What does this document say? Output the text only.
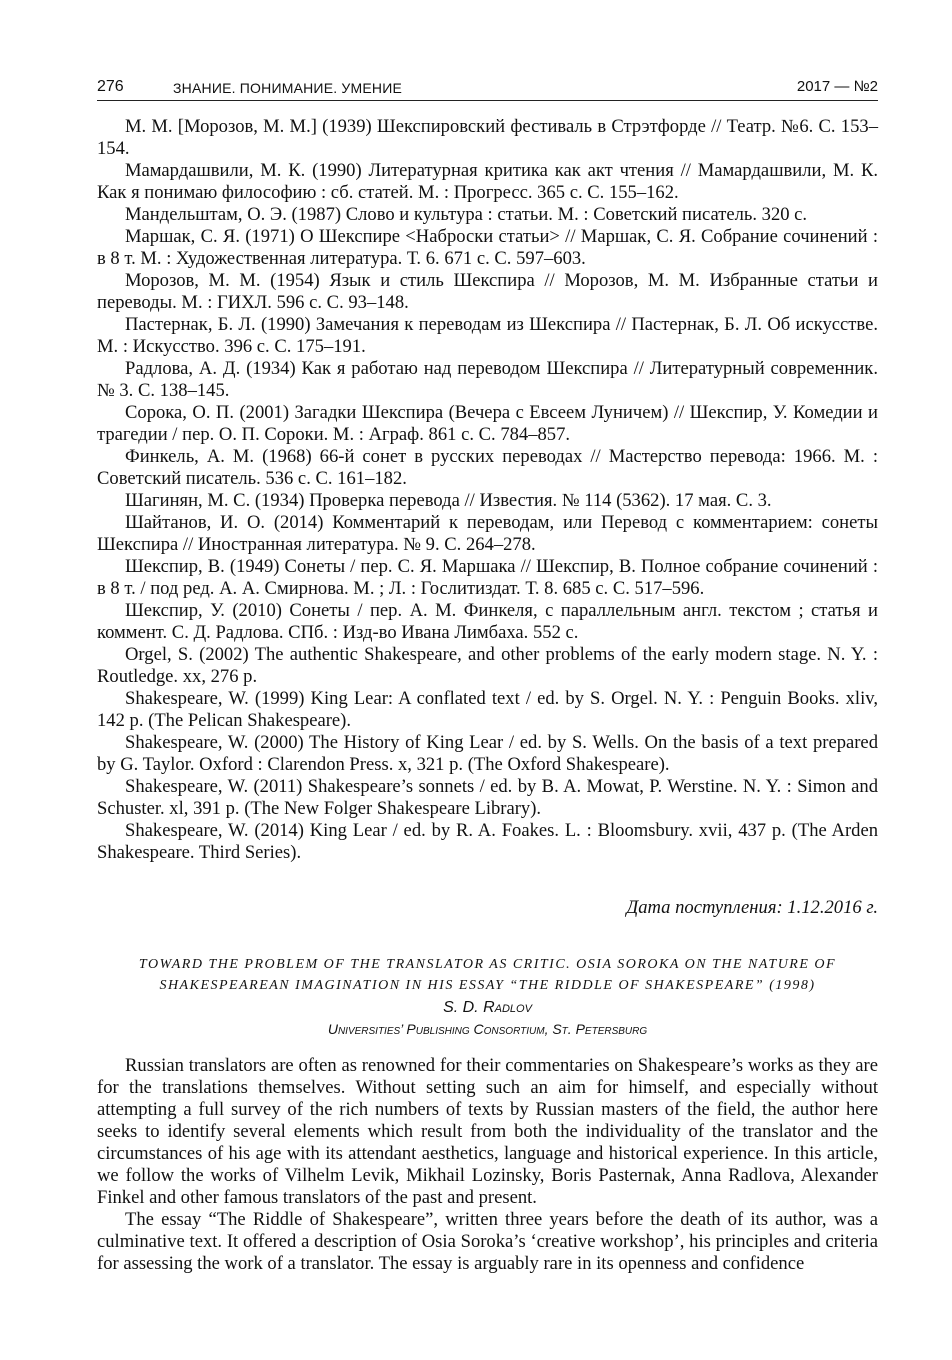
276	ЗНАНИЕ. ПОНИМАНИЕ. УМЕНИЕ	2017 — №2

М. М. [Морозов, М. М.] (1939) Шекспировский фестиваль в Стрэтфорде // Театр. №6. С. 153–154.

Мамардашвили, М. К. (1990) Литературная критика как акт чтения // Мамардашвили, М. К. Как я понимаю философию : сб. статей. М. : Прогресс. 365 с. С. 155–162.

Мандельштам, О. Э. (1987) Слово и культура : статьи. М. : Советский писатель. 320 с.

Маршак, С. Я. (1971) О Шекспире <Наброски статьи> // Маршак, С. Я. Собрание сочинений : в 8 т. М. : Художественная литература. Т. 6. 671 с. С. 597–603.

Морозов, М. М. (1954) Язык и стиль Шекспира // Морозов, М. М. Избранные статьи и переводы. М. : ГИХЛ. 596 с. С. 93–148.

Пастернак, Б. Л. (1990) Замечания к переводам из Шекспира // Пастернак, Б. Л. Об искусстве. М. : Искусство. 396 с. С. 175–191.

Радлова, А. Д. (1934) Как я работаю над переводом Шекспира // Литературный современник. № 3. С. 138–145.

Сорока, О. П. (2001) Загадки Шекспира (Вечера с Евсеем Луничем) // Шекспир, У. Комедии и трагедии / пер. О. П. Сороки. М. : Аграф. 861 с. С. 784–857.

Финкель, А. М. (1968) 66-й сонет в русских переводах // Мастерство перевода: 1966. М. : Советский писатель. 536 с. С. 161–182.

Шагинян, М. С. (1934) Проверка перевода // Известия. № 114 (5362). 17 мая. С. 3.

Шайтанов, И. О. (2014) Комментарий к переводам, или Перевод с комментарием: сонеты Шекспира // Иностранная литература. № 9. С. 264–278.

Шекспир, В. (1949) Сонеты / пер. С. Я. Маршака // Шекспир, В. Полное собрание сочинений : в 8 т. / под ред. А. А. Смирнова. М. ; Л. : Гослитиздат. Т. 8. 685 с. С. 517–596.

Шекспир, У. (2010) Сонеты / пер. А. М. Финкеля, с параллельным англ. текстом ; статья и коммент. С. Д. Радлова. СПб. : Изд-во Ивана Лимбаха. 552 с.

Orgel, S. (2002) The authentic Shakespeare, and other problems of the early modern stage. N. Y. : Routledge. xx, 276 p.

Shakespeare, W. (1999) King Lear: A conflated text / ed. by S. Orgel. N. Y. : Penguin Books. xliv, 142 p. (The Pelican Shakespeare).

Shakespeare, W. (2000) The History of King Lear / ed. by S. Wells. On the basis of a text prepared by G. Taylor. Oxford : Clarendon Press. x, 321 p. (The Oxford Shakespeare).

Shakespeare, W. (2011) Shakespeare’s sonnets / ed. by B. A. Mowat, P. Werstine. N. Y. : Simon and Schuster. xl, 391 p. (The New Folger Shakespeare Library).

Shakespeare, W. (2014) King Lear / ed. by R. A. Foakes. L. : Bloomsbury. xvii, 437 p. (The Arden Shakespeare. Third Series).

Дата поступления: 1.12.2016 г.
TOWARD THE PROBLEM OF THE TRANSLATOR AS CRITIC. OSIA SOROKA ON THE NATURE OF
SHAKESPEAREAN IMAGINATION IN HIS ESSAY “THE RIDDLE OF SHAKESPEARE” (1998)
S. D. Radlov
Universities’ Publishing Consortium, St. Petersburg

Russian translators are often as renowned for their commentaries on Shakespeare’s works as they are for the translations themselves. Without setting such an aim for himself, and especially without attempting a full survey of the rich numbers of texts by Russian masters of the field, the author here seeks to identify several elements which result from both the individuality of the translator and the circumstances of his age with its attendant aesthetics, language and historical experience. In this article, we follow the works of Vilhelm Levik, Mikhail Lozinsky, Boris Pasternak, Anna Radlova, Alexander Finkel and other famous translators of the past and present.

The essay “The Riddle of Shakespeare”, written three years before the death of its author, was a culminative text. It offered a description of Osia Soroka’s ‘creative workshop’, his principles and criteria for assessing the work of a translator. The essay is arguably rare in its openness and confidence
